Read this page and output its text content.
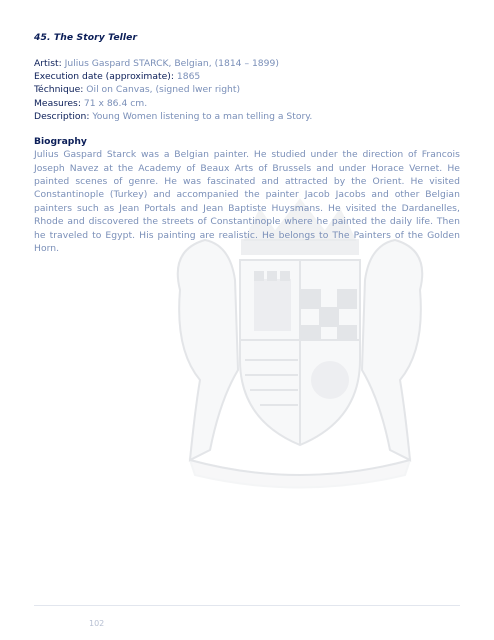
45. The Story Teller
Artist: Julius Gaspard STARCK, Belgian, (1814 – 1899)
Execution date (approximate): 1865
Téchnique: Oil on Canvas, (signed lwer right)
Measures: 71 x 86.4 cm.
Description: Young Women listening to a man telling a Story.
Biography

Julius Gaspard Starck was a Belgian painter. He studied under the direction of Francois Joseph Navez at the Academy of Beaux Arts of Brussels and under Horace Vernet. He painted scenes of genre. He was fascinated and attracted by the Orient. He visited Constantinople (Turkey) and accompanied the painter Jacob Jacobs and other Belgian painters such as Jean Portals and Jean Baptiste Huysmans. He visited the Dardanelles, Rhode and discovered the streets of Constantinople where he painted the daily life. Then he traveled to Egypt. His painting are realistic. He belongs to The Painters of the Golden Horn.

102
